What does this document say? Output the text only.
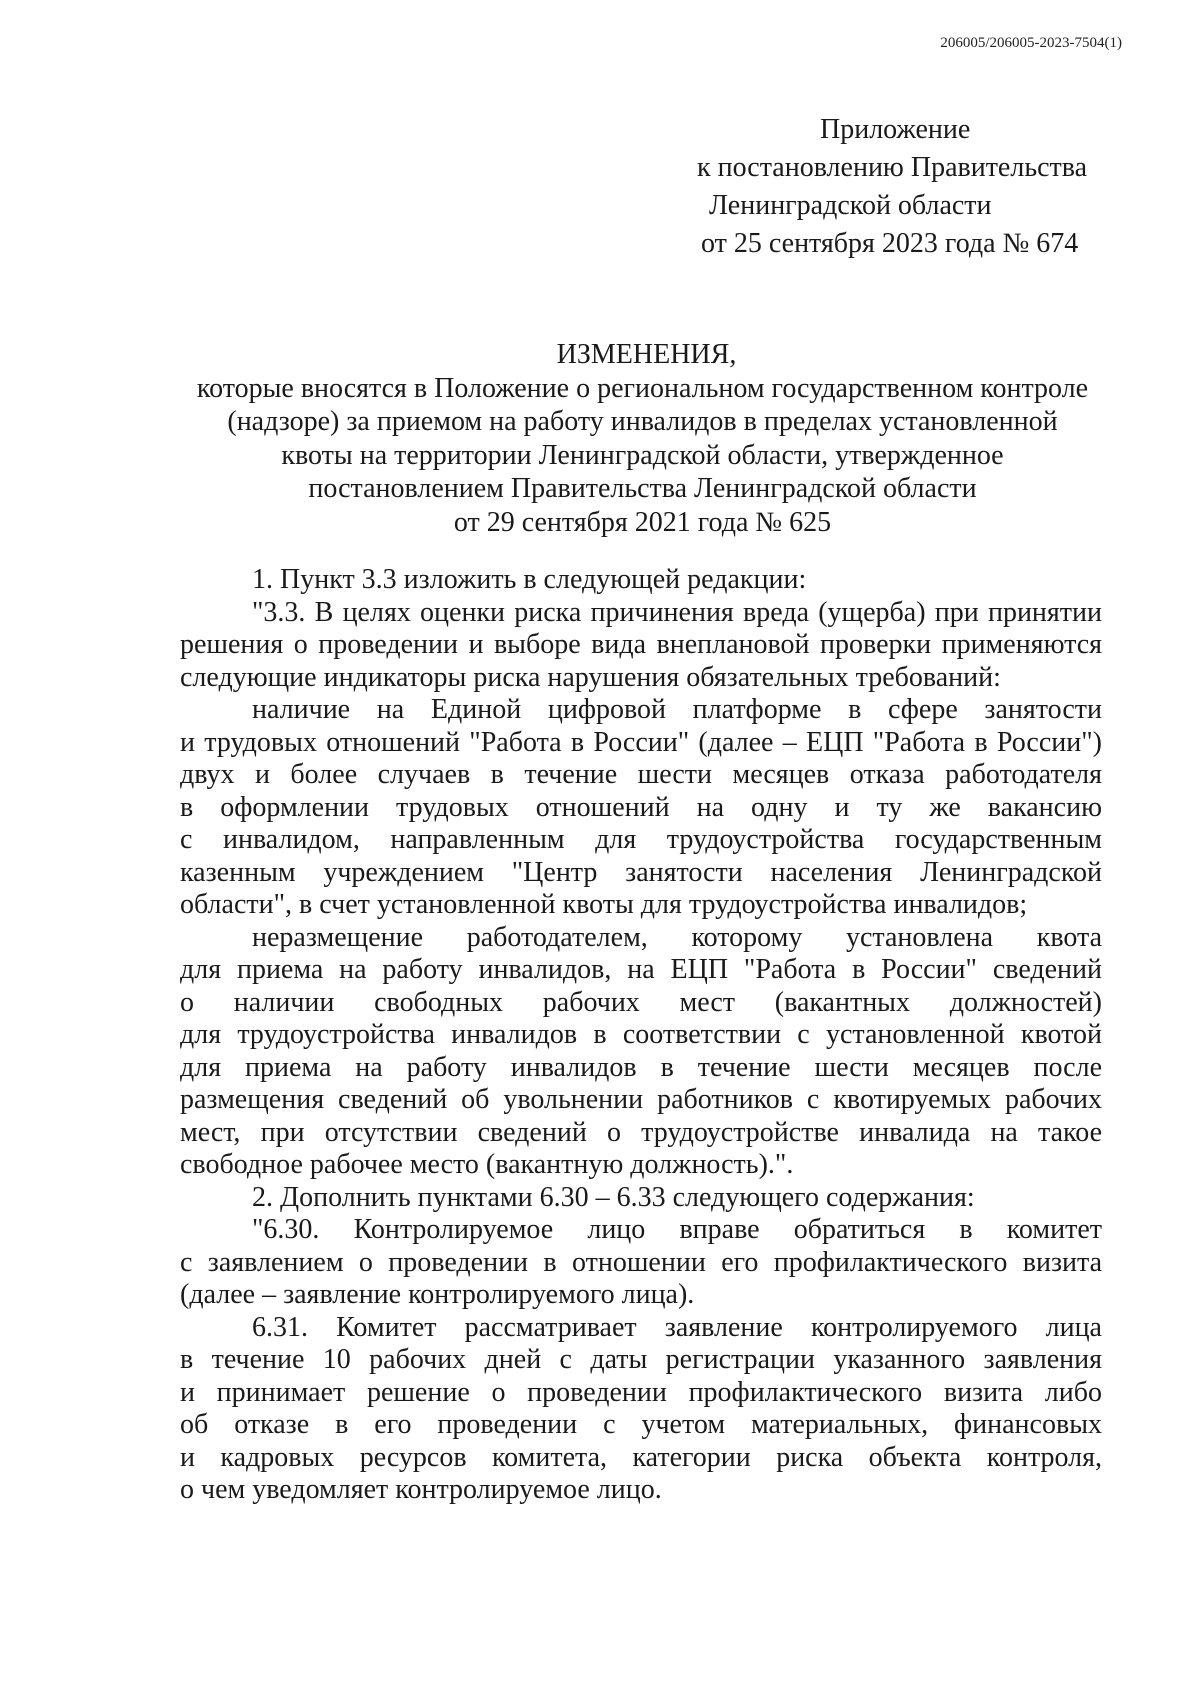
206005/206005-2023-7504(1)
Приложение
к постановлению Правительства
Ленинградской области
от 25 сентября 2023 года № 674
ИЗМЕНЕНИЯ,
которые вносятся в Положение о региональном государственном контроле
(надзоре) за приемом на работу инвалидов в пределах установленной
квоты на территории Ленинградской области, утвержденное
постановлением Правительства Ленинградской области
от 29 сентября 2021 года № 625
1. Пункт 3.3 изложить в следующей редакции:
"3.3. В целях оценки риска причинения вреда (ущерба) при принятии
решения о проведении и выборе вида внеплановой проверки применяются
следующие индикаторы риска нарушения обязательных требований:
наличие на Единой цифровой платформе в сфере занятости
и трудовых отношений "Работа в России" (далее – ЕЦП "Работа в России")
двух и более случаев в течение шести месяцев отказа работодателя
в оформлении трудовых отношений на одну и ту же вакансию
с инвалидом, направленным для трудоустройства государственным
казенным учреждением "Центр занятости населения Ленинградской
области", в счет установленной квоты для трудоустройства инвалидов;
неразмещение работодателем, которому установлена квота
для приема на работу инвалидов, на ЕЦП "Работа в России" сведений
о наличии свободных рабочих мест (вакантных должностей)
для трудоустройства инвалидов в соответствии с установленной квотой
для приема на работу инвалидов в течение шести месяцев после
размещения сведений об увольнении работников с квотируемых рабочих
мест, при отсутствии сведений о трудоустройстве инвалида на такое
свободное рабочее место (вакантную должность).".
2. Дополнить пунктами 6.30 – 6.33 следующего содержания:
"6.30. Контролируемое лицо вправе обратиться в комитет
с заявлением о проведении в отношении его профилактического визита
(далее – заявление контролируемого лица).
6.31. Комитет рассматривает заявление контролируемого лица
в течение 10 рабочих дней с даты регистрации указанного заявления
и принимает решение о проведении профилактического визита либо
об отказе в его проведении с учетом материальных, финансовых
и кадровых ресурсов комитета, категории риска объекта контроля,
о чем уведомляет контролируемое лицо.
